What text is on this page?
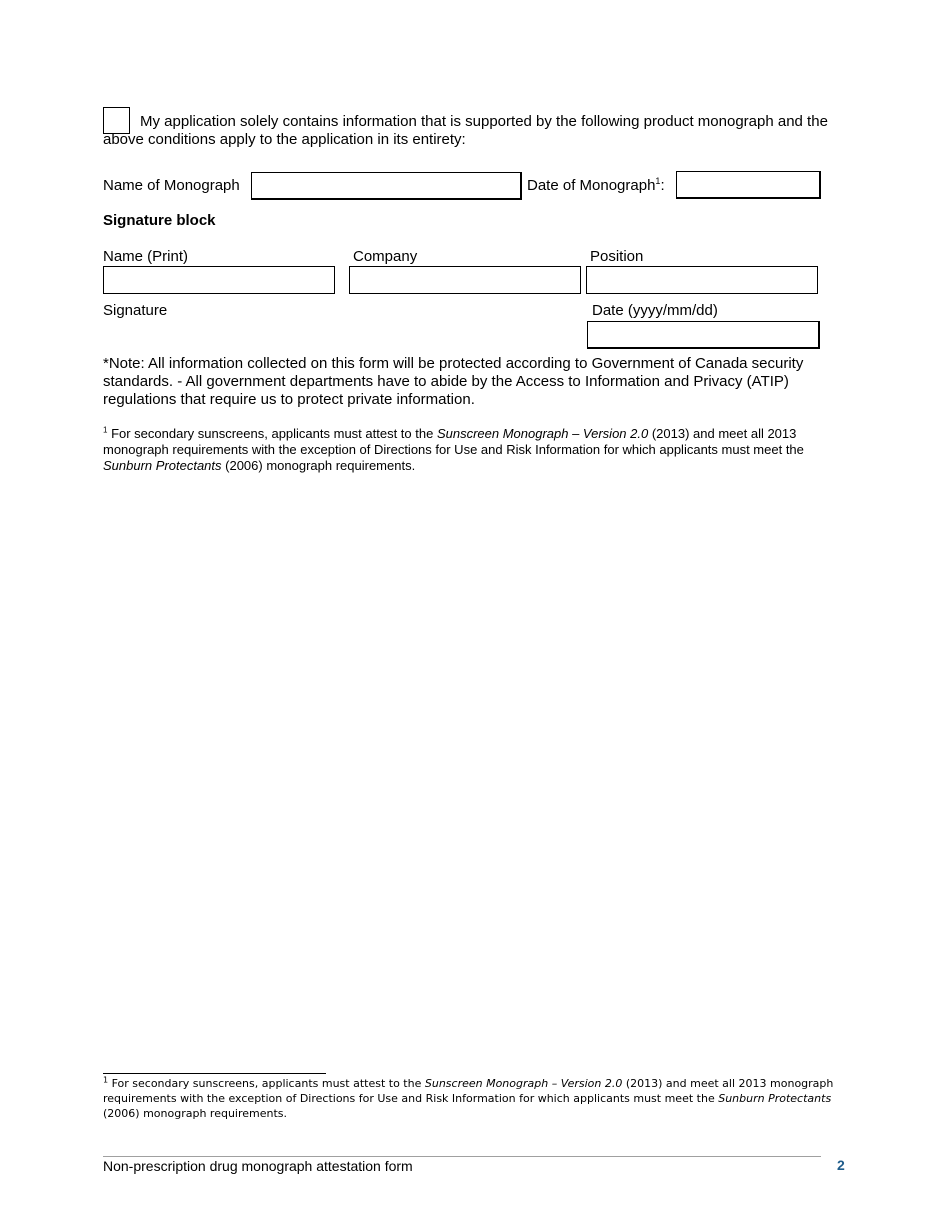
My application solely contains information that is supported by the following product monograph and the above conditions apply to the application in its entirety:
Name of Monograph	Date of Monograph$^1$:
Signature block
Name (Print)	Company	Position
Signature	Date (yyyy/mm/dd)
*Note: All information collected on this form will be protected according to Government of Canada security standards. - All government departments have to abide by the Access to Information and Privacy (ATIP) regulations that require us to protect private information.
$^1$ For secondary sunscreens, applicants must attest to the Sunscreen Monograph – Version 2.0 (2013) and meet all 2013 monograph requirements with the exception of Directions for Use and Risk Information for which applicants must meet the Sunburn Protectants (2006) monograph requirements.
$^1$ For secondary sunscreens, applicants must attest to the Sunscreen Monograph – Version 2.0 (2013) and meet all 2013 monograph requirements with the exception of Directions for Use and Risk Information for which applicants must meet the Sunburn Protectants (2006) monograph requirements.
Non-prescription drug monograph attestation form	2
